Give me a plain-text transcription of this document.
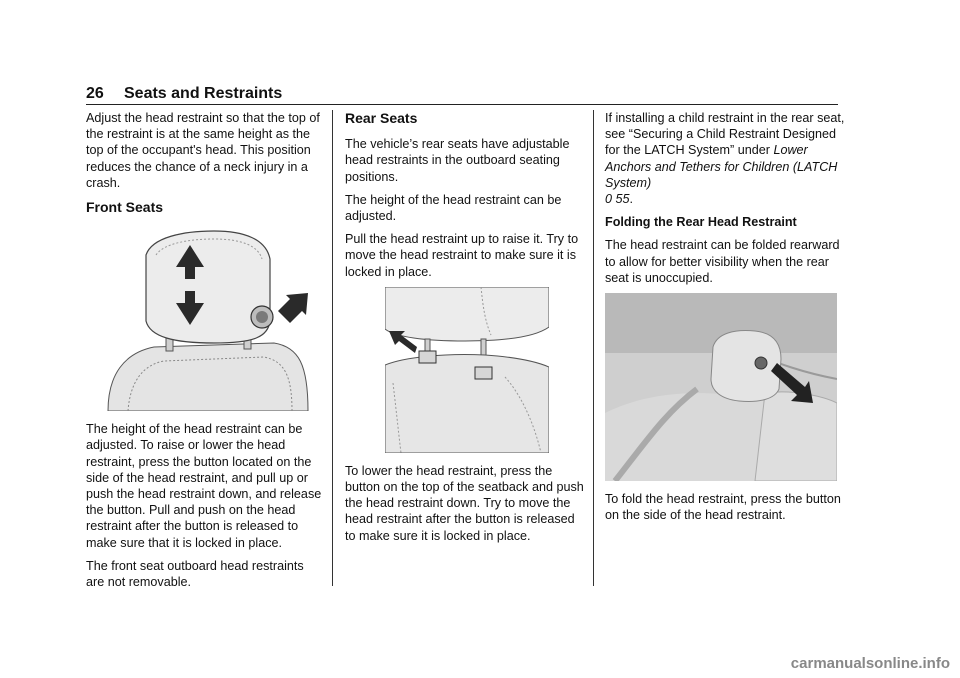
26 Seats and Restraints

Adjust the head restraint so that the top of the restraint is at the same height as the top of the occupant's head. This position reduces the chance of a neck injury in a crash.

Front Seats

The height of the head restraint can be adjusted. To raise or lower the head restraint, press the button located on the side of the head restraint, and pull up or push the head restraint down, and release the button. Pull and push on the head restraint after the button is released to make sure that it is locked in place.

The front seat outboard head restraints are not removable.

Rear Seats

The vehicle’s rear seats have adjustable head restraints in the outboard seating positions.

The height of the head restraint can be adjusted.

Pull the head restraint up to raise it. Try to move the head restraint to make sure it is locked in place.

To lower the head restraint, press the button on the top of the seatback and push the head restraint down. Try to move the head restraint after the button is released to make sure it is locked in place.

If installing a child restraint in the rear seat, see “Securing a Child Restraint Designed for the LATCH System” under Lower Anchors and Tethers for Children (LATCH System)
0 55.

Folding the Rear Head Restraint

The head restraint can be folded rearward to allow for better visibility when the rear seat is unoccupied.

To fold the head restraint, press the button on the side of the head restraint.

carmanualsonline.info
